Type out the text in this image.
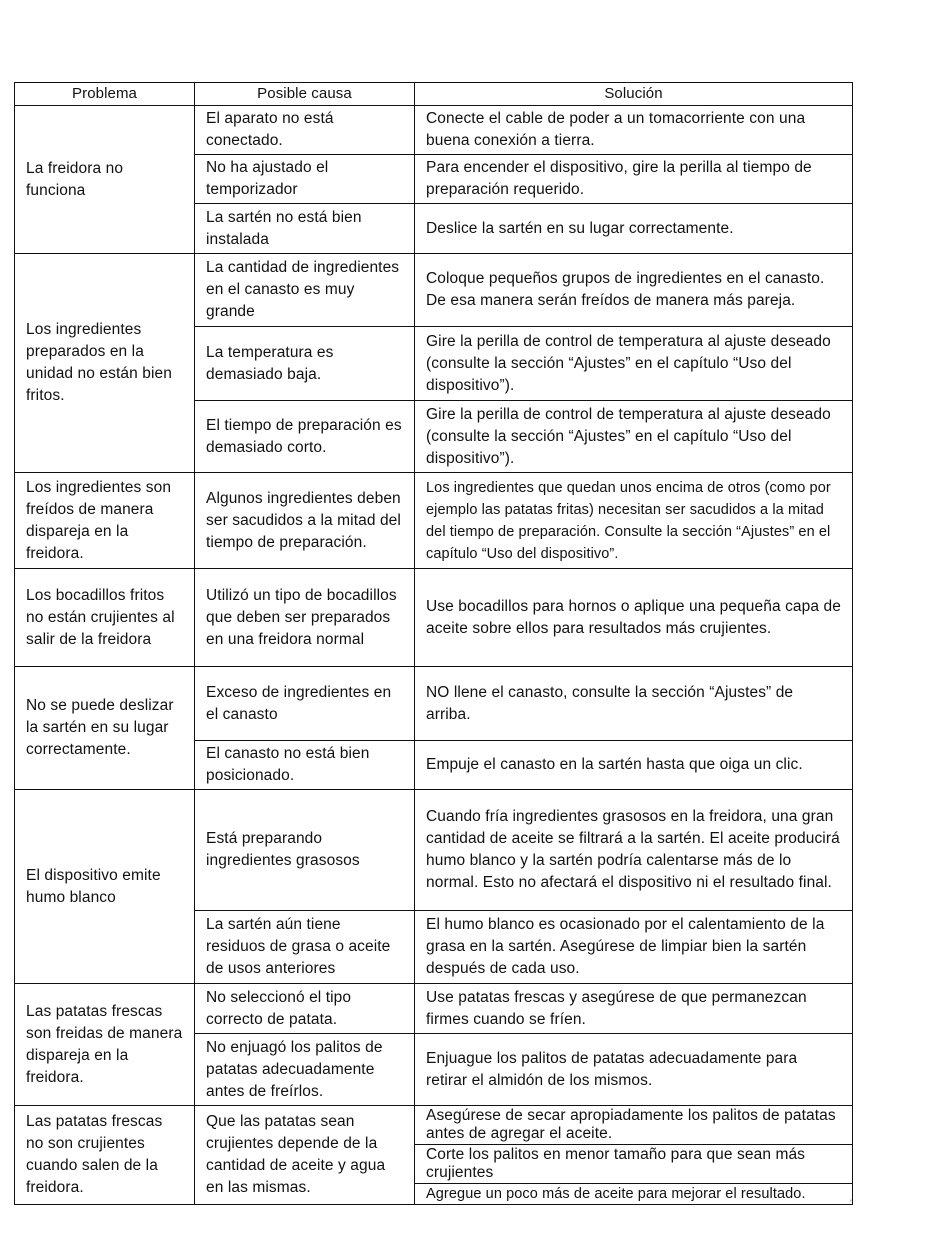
Problema	Posible causa	Solución
La freidora no funciona	El aparato no está conectado.	Conecte el cable de poder a un tomacorriente con una buena conexión a tierra.
	No ha ajustado el temporizador	Para encender el dispositivo, gire la perilla al tiempo de preparación requerido.
	La sartén no está bien instalada	Deslice la sartén en su lugar correctamente.
Los ingredientes preparados en la unidad no están bien fritos.	La cantidad de ingredientes en el canasto es muy grande	Coloque pequeños grupos de ingredientes en el canasto. De esa manera serán freídos de manera más pareja.
	La temperatura es demasiado baja.	Gire la perilla de control de temperatura al ajuste deseado (consulte la sección “Ajustes” en el capítulo “Uso del dispositivo”).
	El tiempo de preparación es demasiado corto.	Gire la perilla de control de temperatura al ajuste deseado (consulte la sección “Ajustes” en el capítulo “Uso del dispositivo”).
Los ingredientes son freídos de manera dispareja en la freidora.	Algunos ingredientes deben ser sacudidos a la mitad del tiempo de preparación.	Los ingredientes que quedan unos encima de otros (como por ejemplo las patatas fritas) necesitan ser sacudidos a la mitad del tiempo de preparación. Consulte la sección “Ajustes” en el capítulo “Uso del dispositivo”.
Los bocadillos fritos no están crujientes al salir de la freidora	Utilizó un tipo de bocadillos que deben ser preparados en una freidora normal	Use bocadillos para hornos o aplique una pequeña capa de aceite sobre ellos para resultados más crujientes.
No se puede deslizar la sartén en su lugar correctamente.	Exceso de ingredientes en el canasto	NO llene el canasto, consulte la sección “Ajustes” de arriba.
	El canasto no está bien posicionado.	Empuje el canasto en la sartén hasta que oiga un clic.
El dispositivo emite humo blanco	Está preparando ingredientes grasosos	Cuando fría ingredientes grasosos en la freidora, una gran cantidad de aceite se filtrará a la sartén. El aceite producirá humo blanco y la sartén podría calentarse más de lo normal. Esto no afectará el dispositivo ni el resultado final.
	La sartén aún tiene residuos de grasa o aceite de usos anteriores	El humo blanco es ocasionado por el calentamiento de la grasa en la sartén. Asegúrese de limpiar bien la sartén después de cada uso.
Las patatas frescas son freidas de manera dispareja en la freidora.	No seleccionó el tipo correcto de patata.	Use patatas frescas y asegúrese de que permanezcan firmes cuando se fríen.
	No enjuagó los palitos de patatas adecuadamente antes de freírlos.	Enjuague los palitos de patatas adecuadamente para retirar el almidón de los mismos.
Las patatas frescas no son crujientes cuando salen de la freidora.	Que las patatas sean crujientes depende de la cantidad de aceite y agua en las mismas.	Asegúrese de secar apropiadamente los palitos de patatas antes de agregar el aceite.
		Corte los palitos en menor tamaño para que sean más crujientes
		Agregue un poco más de aceite para mejorar el resultado.
'
